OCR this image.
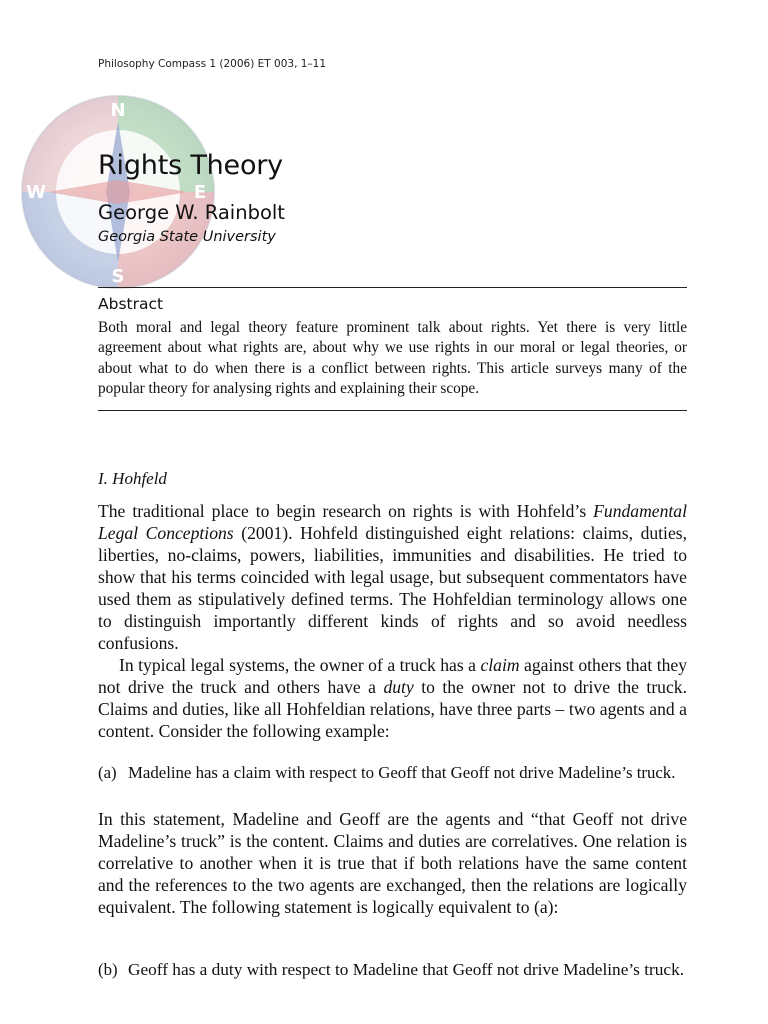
Philosophy Compass 1 (2006) ET 003, 1–11
N
E
S
W
Rights Theory
George W. Rainbolt
Georgia State University
Abstract
Both moral and legal theory feature prominent talk about rights. Yet there is very little agreement about what rights are, about why we use rights in our moral or legal theories, or about what to do when there is a conflict between rights. This article surveys many of the popular theory for analysing rights and explaining their scope.
I. Hohfeld
The traditional place to begin research on rights is with Hohfeld’s Fundamental Legal Conceptions (2001). Hohfeld distinguished eight relations: claims, duties, liberties, no-claims, powers, liabilities, immunities and disabilities. He tried to show that his terms coincided with legal usage, but subsequent commentators have used them as stipulatively defined terms. The Hohfeldian terminology allows one to distinguish importantly different kinds of rights and so avoid needless confusions.
In typical legal systems, the owner of a truck has a claim against others that they not drive the truck and others have a duty to the owner not to drive the truck. Claims and duties, like all Hohfeldian relations, have three parts – two agents and a content. Consider the following example:
(a) Madeline has a claim with respect to Geoff that Geoff not drive Madeline’s truck.
In this statement, Madeline and Geoff are the agents and “that Geoff not drive Madeline’s truck” is the content. Claims and duties are correlatives. One relation is correlative to another when it is true that if both relations have the same content and the references to the two agents are exchanged, then the relations are logically equivalent. The following statement is logically equivalent to (a):
(b) Geoff has a duty with respect to Madeline that Geoff not drive Madeline’s truck.
